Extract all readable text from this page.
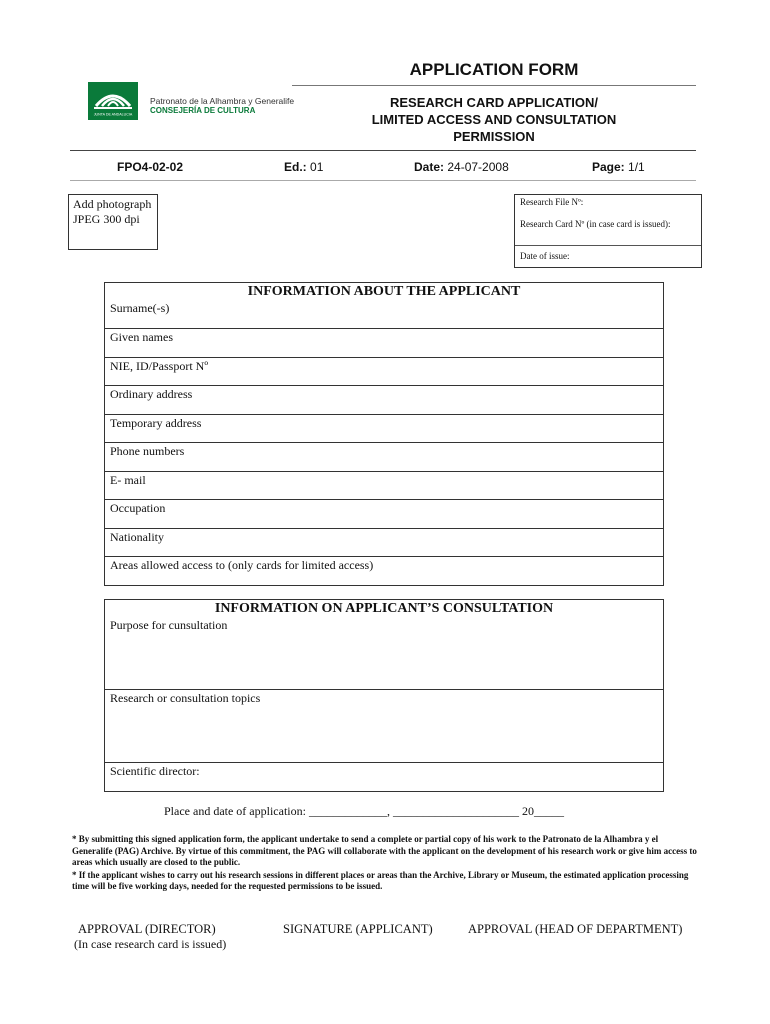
APPLICATION FORM
RESEARCH CARD APPLICATION/
LIMITED ACCESS AND CONSULTATION
PERMISSION
JUNTA DE ANDALUCIA
Patronato de la Alhambra y Generalife
CONSEJERÍA DE CULTURA
FPO4-02-02	Ed.: 01	Date: 24-07-2008	Page: 1/1
Add photograph
JPEG 300 dpi
Research File Nº:
Research Card Nº (in case card is issued):
Date of issue:
INFORMATION ABOUT THE APPLICANT
Surname(-s)
Given names
NIE, ID/Passport Nº
Ordinary address
Temporary address
Phone numbers
E- mail
Occupation
Nationality
Areas allowed access to (only cards for limited access)
INFORMATION ON APPLICANT’S CONSULTATION
Purpose for cunsultation
Research or consultation topics
Scientific director:
Place and date of application: _____________, _____________________ 20_____

* By submitting this signed application form, the applicant undertake to send a complete or partial copy of his work to the Patronato de la Alhambra y el Generalife (PAG) Archive. By virtue of this commitment, the PAG will collaborate with the applicant on the development of his research work or give him access to areas which usually are closed to the public.

* If the applicant wishes to carry out his research sessions in different places or areas than the Archive, Library or Museum, the estimated application processing time will be five working days, needed for the requested permissions to be issued.

APPROVAL (DIRECTOR)
(In case research card is issued)
SIGNATURE (APPLICANT)	APPROVAL (HEAD OF DEPARTMENT)
